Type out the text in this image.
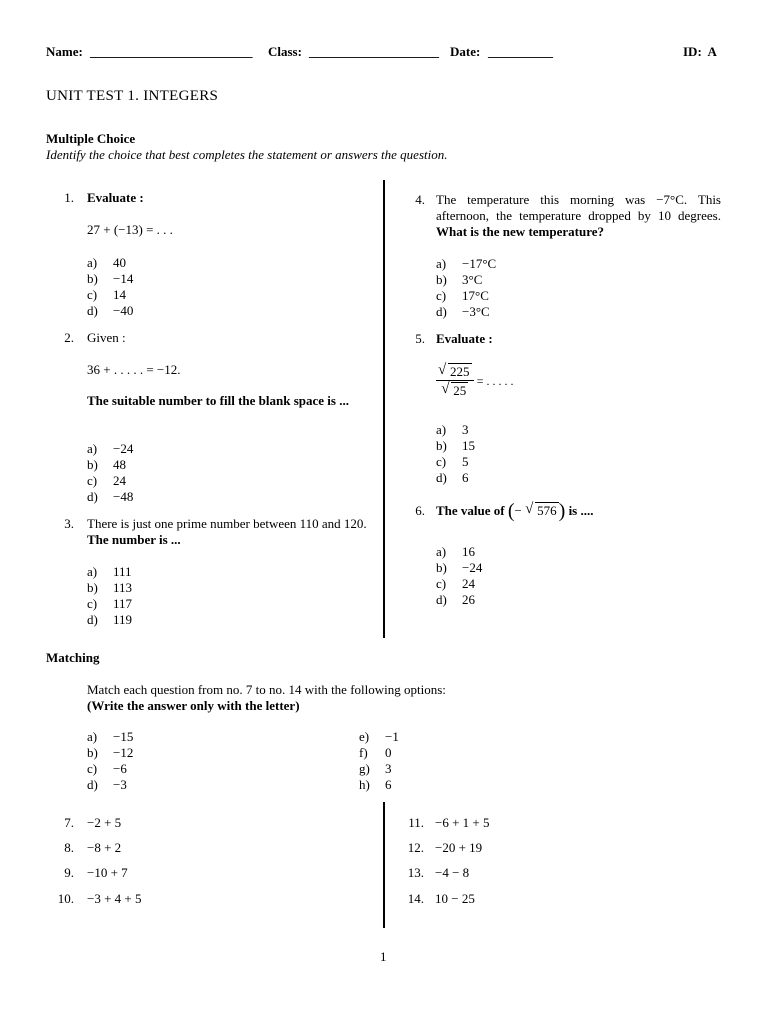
Name: _________________________ Class: ____________________ Date: __________	ID:  A
UNIT TEST 1. INTEGERS
Multiple Choice
Identify the choice that best completes the statement or answers the question.
1. Evaluate :
27 + (−13) = . . .
a) 40
b) −14
c) 14
d) −40
2. Given :
36 + . . . . . = −12.
The suitable number to fill the blank space is ...
a) −24
b) 48
c) 24
d) −48
3. There is just one prime number between 110 and 120. The number is ...
a) 111
b) 113
c) 117
d) 119
4. The temperature this morning was −7°C. This afternoon, the temperature dropped by 10 degrees. What is the new temperature?
a) −17°C
b) 3°C
c) 17°C
d) −3°C
5. Evaluate :
$\frac{√ 225}{√ 25}$ = . . . . .
a) 3
b) 15
c) 5
d) 6
6. The value of (− √ 576 ) is ....
a) 16
b) −24
c) 24
d) 26
Matching
Match each question from no. 7 to no. 14 with the following options:
(Write the answer only with the letter)
a) −15
b) −12
c) −6
d) −3
e) −1
f) 0
g) 3
h) 6
7. −2 + 5
8. −8 + 2
9. −10 + 7
10. −3 + 4 + 5
11. −6 + 1 + 5
12. −20 + 19
13. −4 − 8
14. 10 − 25
1
